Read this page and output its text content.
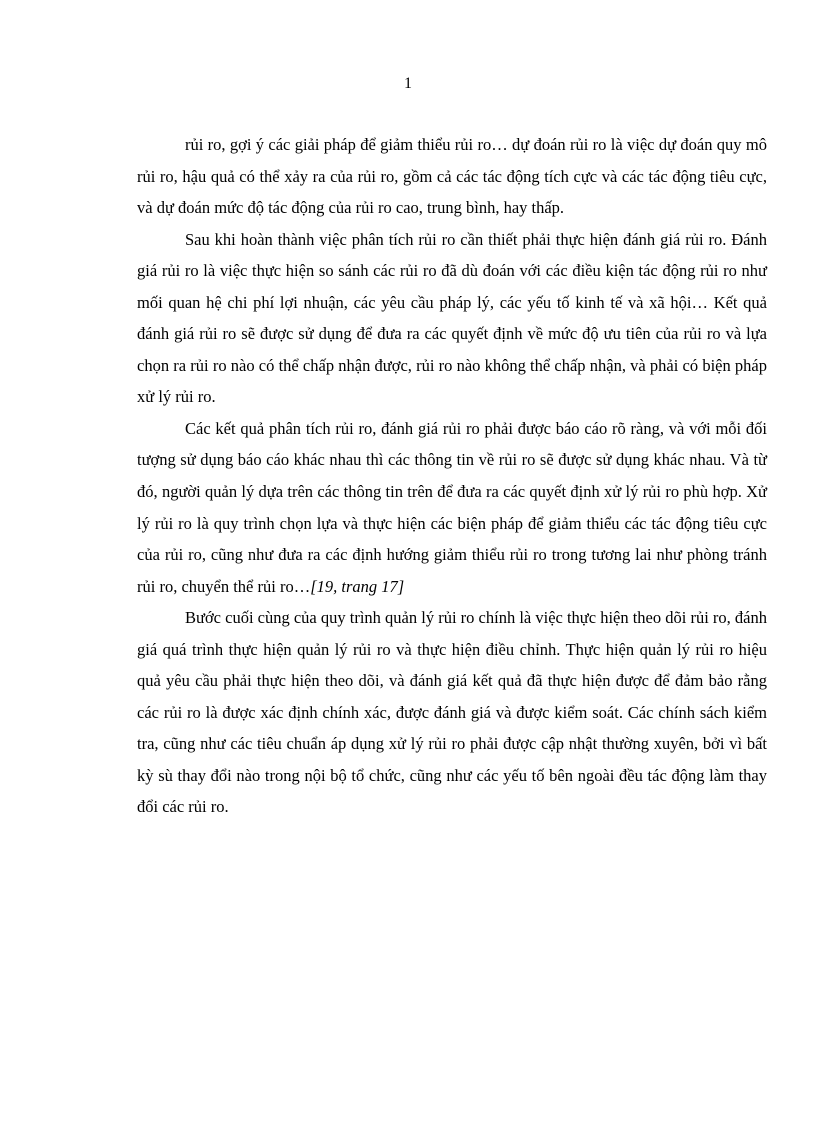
1

rủi ro, gợi ý các giải pháp để giảm thiểu rủi ro… dự đoán rủi ro là việc dự đoán quy mô rủi ro, hậu quả có thể xảy ra của rủi ro, gồm cả các tác động tích cực và các tác động tiêu cực, và dự đoán mức độ tác động của rủi ro cao, trung bình, hay thấp.

Sau khi hoàn thành việc phân tích rủi ro cần thiết phải thực hiện đánh giá rủi ro. Đánh giá rủi ro là việc thực hiện so sánh các rủi ro đã dù đoán với các điều kiện tác động rủi ro như mối quan hệ chi phí lợi nhuận, các yêu cầu pháp lý, các yếu tố kinh tế và xã hội… Kết quả đánh giá rủi ro sẽ được sử dụng để đưa ra các quyết định về mức độ ưu tiên của rủi ro và lựa chọn ra rủi ro nào có thể chấp nhận được, rủi ro nào không thể chấp nhận, và phải có biện pháp xử lý rủi ro.

Các kết quả phân tích rủi ro, đánh giá rủi ro phải được báo cáo rõ ràng, và với mỗi đối tượng sử dụng báo cáo khác nhau thì các thông tin về rủi ro sẽ được sử dụng khác nhau. Và từ đó, người quản lý dựa trên các thông tin trên để đưa ra các quyết định xử lý rủi ro phù hợp. Xử lý rủi ro là quy trình chọn lựa và thực hiện các biện pháp để giảm thiểu các tác động tiêu cực của rủi ro, cũng như đưa ra các định hướng giảm thiểu rủi ro trong tương lai như phòng tránh rủi ro, chuyển thể rủi ro…[19, trang 17]

Bước cuối cùng của quy trình quản lý rủi ro chính là việc thực hiện theo dõi rủi ro, đánh giá quá trình thực hiện quản lý rủi ro và thực hiện điều chỉnh. Thực hiện quản lý rủi ro hiệu quả yêu cầu phải thực hiện theo dõi, và đánh giá kết quả đã thực hiện được để đảm bảo rằng các rủi ro là được xác định chính xác, được đánh giá và được kiểm soát. Các chính sách kiểm tra, cũng như các tiêu chuẩn áp dụng xử lý rủi ro phải được cập nhật thường xuyên, bởi vì bất kỳ sù thay đổi nào trong nội bộ tổ chức, cũng như các yếu tố bên ngoài đều tác động làm thay đổi các rủi ro.
